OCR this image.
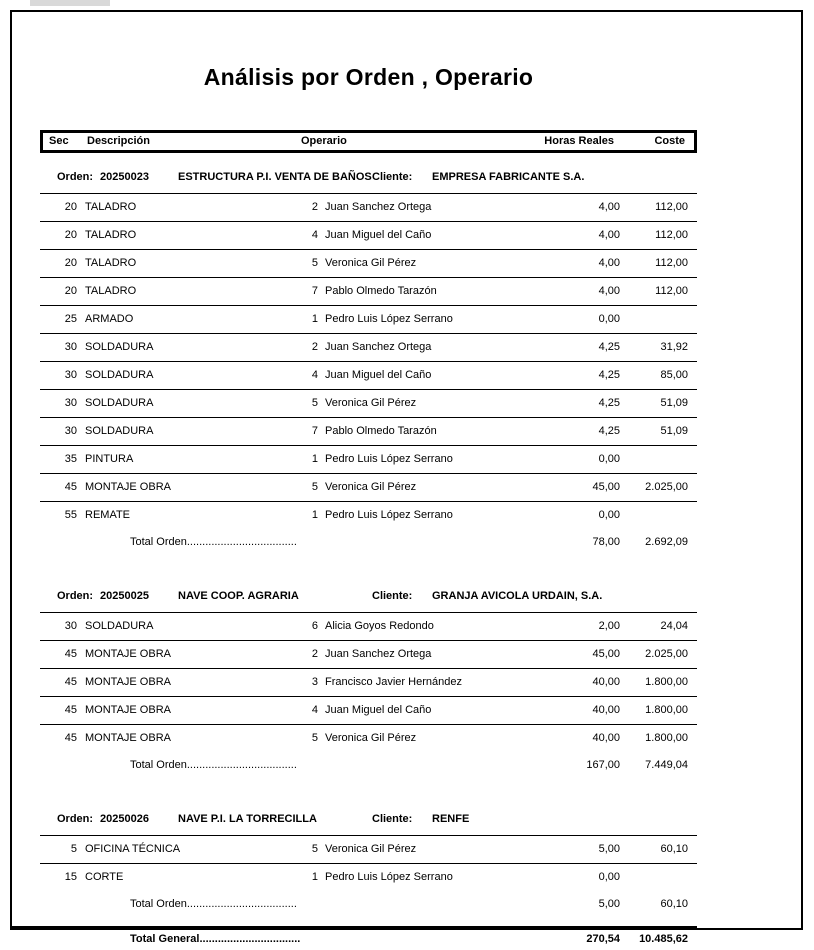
Análisis por Orden , Operario
Sec Descripción	Operario	Horas Reales	Coste
Orden: 20250023	ESTRUCTURA P.I. VENTA DE BAÑOS Cliente: EMPRESA FABRICANTE S.A.
20 TALADRO	2 Juan Sanchez Ortega	4,00	112,00
20 TALADRO	4 Juan Miguel del Caño	4,00	112,00
20 TALADRO	5 Veronica Gil Pérez	4,00	112,00
20 TALADRO	7 Pablo Olmedo Tarazón	4,00	112,00
25 ARMADO	1 Pedro Luis López Serrano	0,00
30 SOLDADURA	2 Juan Sanchez Ortega	4,25	31,92
30 SOLDADURA	4 Juan Miguel del Caño	4,25	85,00
30 SOLDADURA	5 Veronica Gil Pérez	4,25	51,09
30 SOLDADURA	7 Pablo Olmedo Tarazón	4,25	51,09
35 PINTURA	1 Pedro Luis López Serrano	0,00
45 MONTAJE OBRA	5 Veronica Gil Pérez	45,00	2.025,00
55 REMATE	1 Pedro Luis López Serrano	0,00
Total Orden....................................	78,00	2.692,09
Orden: 20250025	NAVE COOP. AGRARIA	Cliente: GRANJA AVICOLA URDAIN, S.A.
30 SOLDADURA	6 Alicia Goyos Redondo	2,00	24,04
45 MONTAJE OBRA	2 Juan Sanchez Ortega	45,00	2.025,00
45 MONTAJE OBRA	3 Francisco Javier Hernández	40,00	1.800,00
45 MONTAJE OBRA	4 Juan Miguel del Caño	40,00	1.800,00
45 MONTAJE OBRA	5 Veronica Gil Pérez	40,00	1.800,00
Total Orden....................................	167,00	7.449,04
Orden: 20250026	NAVE P.I. LA TORRECILLA	Cliente: RENFE
5 OFICINA TÉCNICA	5 Veronica Gil Pérez	5,00	60,10
15 CORTE	1 Pedro Luis López Serrano	0,00
Total Orden....................................	5,00	60,10
Total General.................................	270,54	10.485,62
